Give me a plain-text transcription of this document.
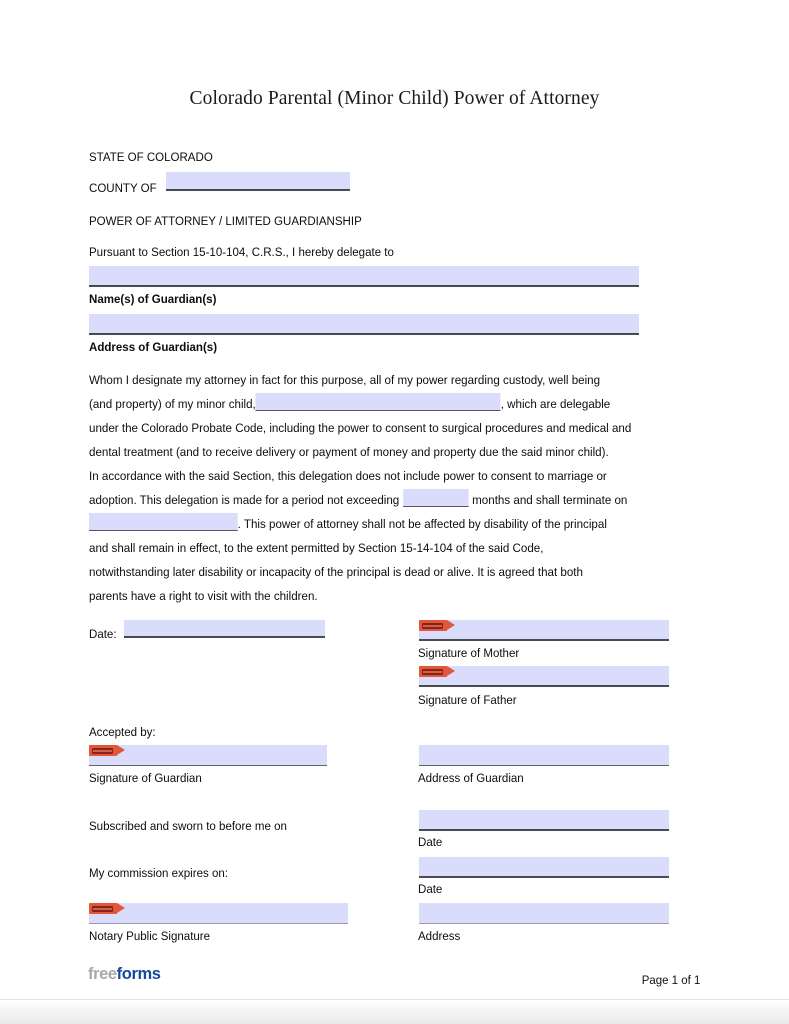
Colorado Parental (Minor Child) Power of Attorney
STATE OF COLORADO
COUNTY OF
POWER OF ATTORNEY / LIMITED GUARDIANSHIP
Pursuant to Section 15-10-104, C.R.S., I hereby delegate to
Name(s) of Guardian(s)
Address of Guardian(s)
Whom I designate my attorney in fact for this purpose, all of my power regarding custody, well being
(and property) of my minor child,	, which are delegable
under the Colorado Probate Code, including the power to consent to surgical procedures and medical and
dental treatment (and to receive delivery or payment of money and property due the said minor child).
In accordance with the said Section, this delegation does not include power to consent to marriage or
adoption. This delegation is made for a period not exceeding	months and shall terminate on
. This power of attorney shall not be affected by disability of the principal
and shall remain in effect, to the extent permitted by Section 15-14-104 of the said Code,
notwithstanding later disability or incapacity of the principal is dead or alive. It is agreed that both
parents have a right to visit with the children.
Date:
Signature of Mother
Signature of Father
Accepted by:
Signature of Guardian	Address of Guardian
Subscribed and sworn to before me on
Date
My commission expires on:
Date
Notary Public Signature	Address
freeforms	Page 1 of 1
